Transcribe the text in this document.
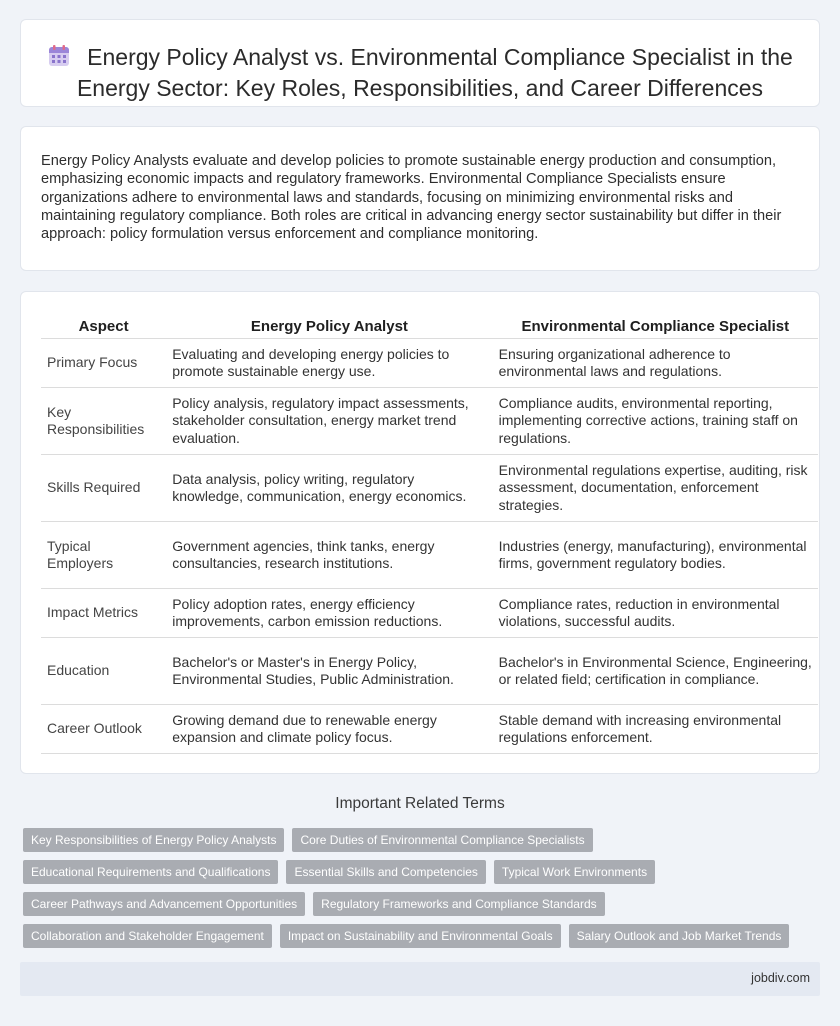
Energy Policy Analyst vs. Environmental Compliance Specialist in the Energy Sector: Key Roles, Responsibilities, and Career Differences

Energy Policy Analysts evaluate and develop policies to promote sustainable energy production and consumption, emphasizing economic impacts and regulatory frameworks. Environmental Compliance Specialists ensure organizations adhere to environmental laws and standards, focusing on minimizing environmental risks and maintaining regulatory compliance. Both roles are critical in advancing energy sector sustainability but differ in their approach: policy formulation versus enforcement and compliance monitoring.

Aspect	Energy Policy Analyst	Environmental Compliance Specialist
Primary Focus	Evaluating and developing energy policies to promote sustainable energy use.	Ensuring organizational adherence to environmental laws and regulations.
Key Responsibilities	Policy analysis, regulatory impact assessments, stakeholder consultation, energy market trend evaluation.	Compliance audits, environmental reporting, implementing corrective actions, training staff on regulations.
Skills Required	Data analysis, policy writing, regulatory knowledge, communication, energy economics.	Environmental regulations expertise, auditing, risk assessment, documentation, enforcement strategies.
Typical Employers	Government agencies, think tanks, energy consultancies, research institutions.	Industries (energy, manufacturing), environmental firms, government regulatory bodies.
Impact Metrics	Policy adoption rates, energy efficiency improvements, carbon emission reductions.	Compliance rates, reduction in environmental violations, successful audits.
Education	Bachelor's or Master's in Energy Policy, Environmental Studies, Public Administration.	Bachelor's in Environmental Science, Engineering, or related field; certification in compliance.
Career Outlook	Growing demand due to renewable energy expansion and climate policy focus.	Stable demand with increasing environmental regulations enforcement.
Important Related Terms
Key Responsibilities of Energy Policy Analysts	Core Duties of Environmental Compliance Specialists
Educational Requirements and Qualifications	Essential Skills and Competencies	Typical Work Environments
Career Pathways and Advancement Opportunities	Regulatory Frameworks and Compliance Standards
Collaboration and Stakeholder Engagement	Impact on Sustainability and Environmental Goals	Salary Outlook and Job Market Trends
jobdiv.com
